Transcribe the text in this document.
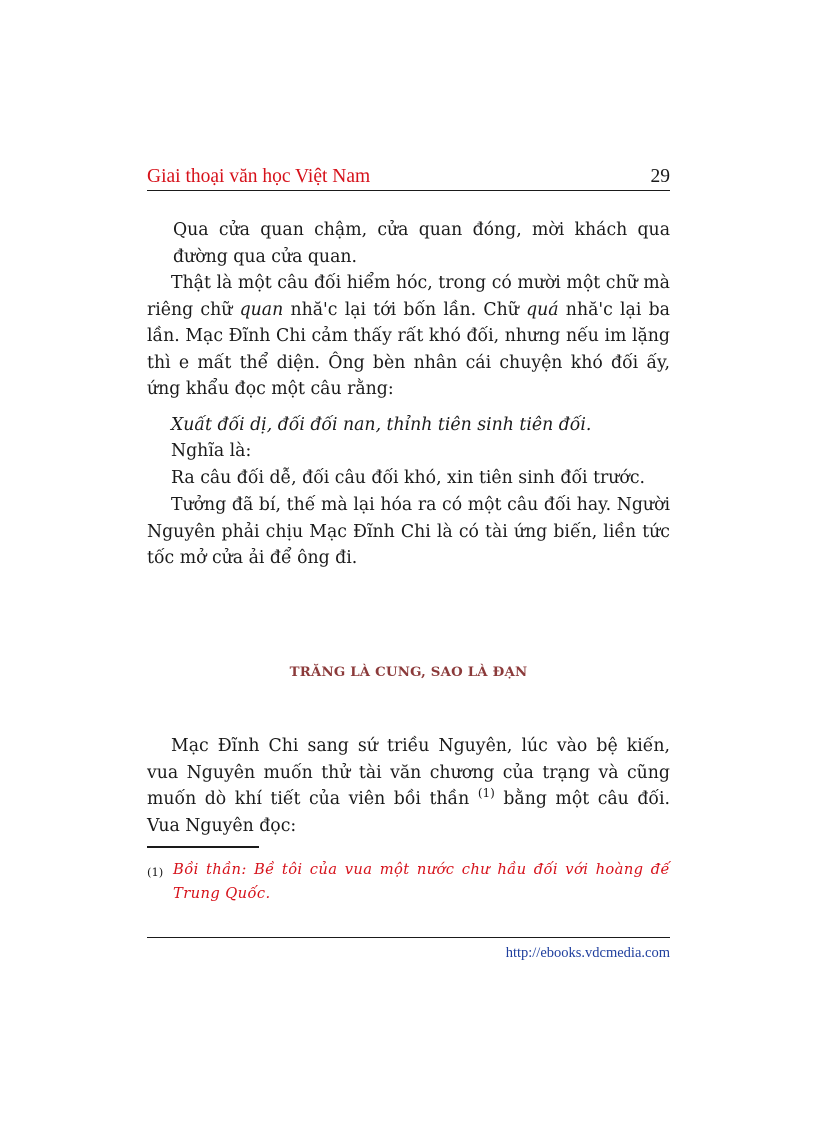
Giai thoại văn học Việt Nam	29

Qua cửa quan chậm, cửa quan đóng, mời khách qua đường qua cửa quan.

Thật là một câu đối hiểm hóc, trong có mười một chữ mà riêng chữ quan nhă'c lại tới bốn lần. Chữ quá nhă'c lại ba lần. Mạc Đĩnh Chi cảm thấy rất khó đối, nhưng nếu im lặng thì e mất thể diện. Ông bèn nhân cái chuyện khó đối ấy, ứng khẩu đọc một câu rằng:

Xuất đối dị, đối đối nan, thỉnh tiên sinh tiên đối.

Nghĩa là:

Ra câu đối dễ, đối câu đối khó, xin tiên sinh đối trước.

Tưởng đã bí, thế mà lại hóa ra có một câu đối hay. Người Nguyên phải chịu Mạc Đĩnh Chi là có tài ứng biến, liền tức tốc mở cửa ải để ông đi.

Mạc Đĩnh Chi sang sứ triều Nguyên, lúc vào bệ kiến, vua Nguyên muốn thử tài văn chương của trạng và cũng muốn dò khí tiết của viên bồi thần $^{(1)}$ bằng một câu đối. Vua Nguyên đọc:

TRĂNG LÀ CUNG, SAO LÀ ĐẠN
(1) Bồi thần: Bề tôi của vua một nước chư hầu đối với hoàng đế Trung Quốc.

http://ebooks.vdcmedia.com
